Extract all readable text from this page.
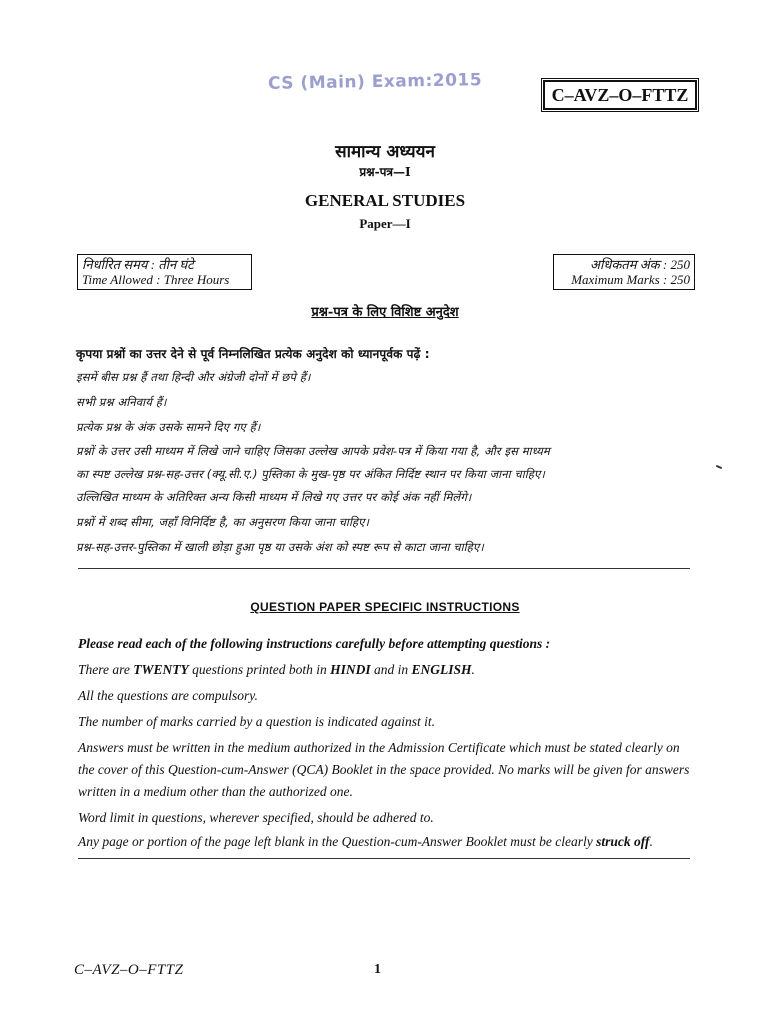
CS (Main) Exam:2015
C–AVZ–O–FTTZ
सामान्य अध्ययन
प्रश्न-पत्र—I
GENERAL STUDIES
Paper—I
निर्धारित समय : तीन घंटे
Time Allowed : Three Hours
अधिकतम अंक : 250
Maximum Marks : 250
प्रश्न-पत्र के लिए विशिष्ट अनुदेश
कृपया प्रश्नों का उत्तर देने से पूर्व निम्नलिखित प्रत्येक अनुदेश को ध्यानपूर्वक पढ़ें :
इसमें बीस प्रश्न हैं तथा हिन्दी और अंग्रेजी दोनों में छपे हैं।
सभी प्रश्न अनिवार्य हैं।
प्रत्येक प्रश्न के अंक उसके सामने दिए गए हैं।
प्रश्नों के उत्तर उसी माध्यम में लिखे जाने चाहिए जिसका उल्लेख आपके प्रवेश-पत्र में किया गया है, और इस माध्यम
का स्पष्ट उल्लेख प्रश्न-सह-उत्तर (क्यू.सी.ए.) पुस्तिका के मुख-पृष्ठ पर अंकित निर्दिष्ट स्थान पर किया जाना चाहिए।
उल्लिखित माध्यम के अतिरिक्त अन्य किसी माध्यम में लिखे गए उत्तर पर कोई अंक नहीं मिलेंगे।
प्रश्नों में शब्द सीमा, जहाँ विनिर्दिष्ट है, का अनुसरण किया जाना चाहिए।
प्रश्न-सह-उत्तर-पुस्तिका में खाली छोड़ा हुआ पृष्ठ या उसके अंश को स्पष्ट रूप से काटा जाना चाहिए।
QUESTION PAPER SPECIFIC INSTRUCTIONS
Please read each of the following instructions carefully before attempting questions :
There are TWENTY questions printed both in HINDI and in ENGLISH.
All the questions are compulsory.
The number of marks carried by a question is indicated against it.
Answers must be written in the medium authorized in the Admission Certificate which must be stated clearly on the cover of this Question-cum-Answer (QCA) Booklet in the space provided. No marks will be given for answers written in a medium other than the authorized one.
Word limit in questions, wherever specified, should be adhered to.
Any page or portion of the page left blank in the Question-cum-Answer Booklet must be clearly struck off.
C–AVZ–O–FTTZ	1
